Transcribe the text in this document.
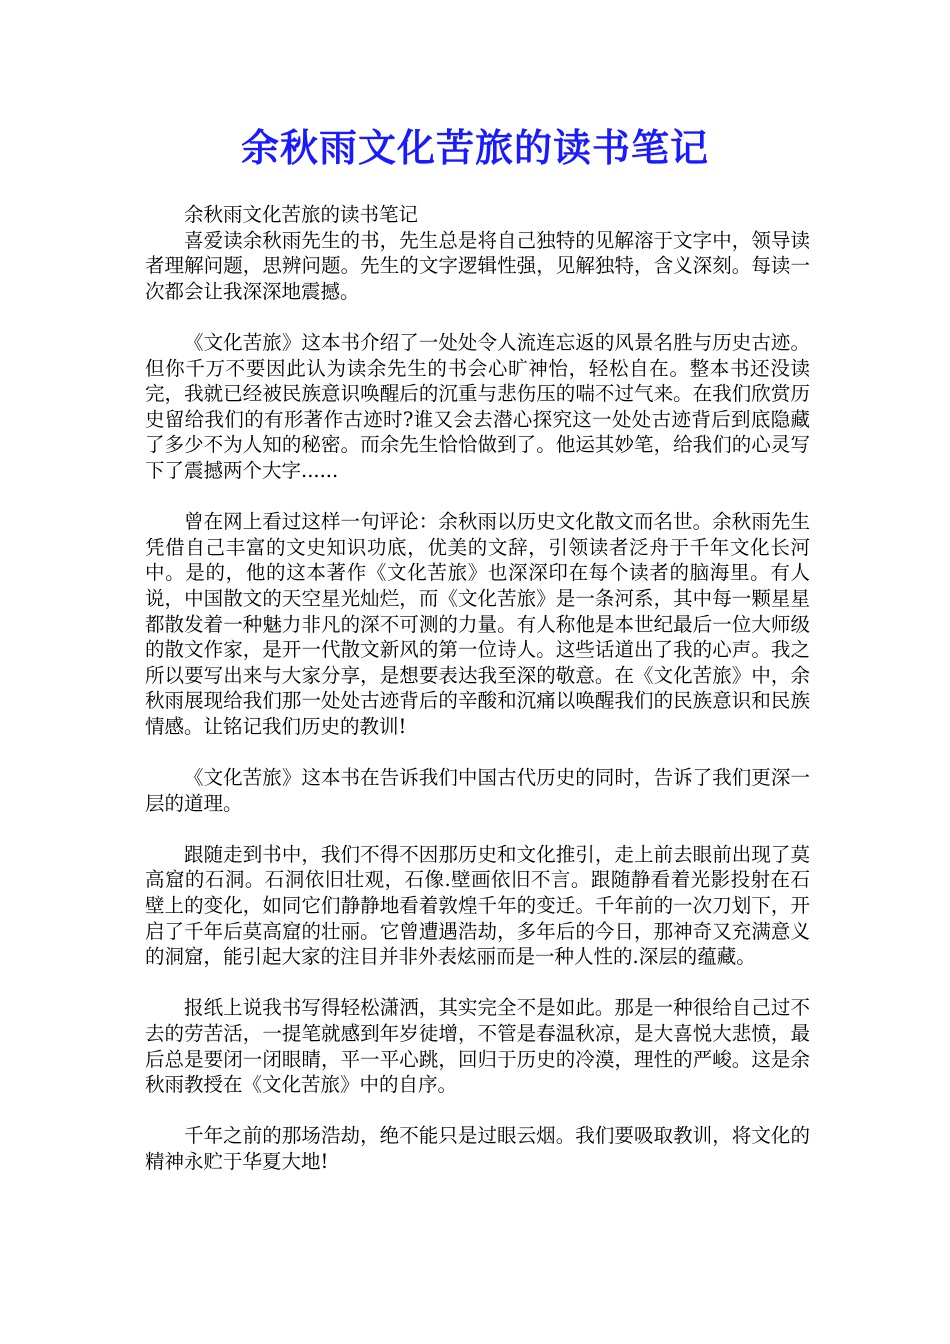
余秋雨文化苦旅的读书笔记

余秋雨文化苦旅的读书笔记

喜爱读余秋雨先生的书，先生总是将自己独特的见解溶于文字中，领导读者理解问题，思辨问题。先生的文字逻辑性强，见解独特，含义深刻。每读一次都会让我深深地震撼。

《文化苦旅》这本书介绍了一处处令人流连忘返的风景名胜与历史古迹。但你千万不要因此认为读余先生的书会心旷神怡，轻松自在。整本书还没读完，我就已经被民族意识唤醒后的沉重与悲伤压的喘不过气来。在我们欣赏历史留给我们的有形著作古迹时?谁又会去潜心探究这一处处古迹背后到底隐藏了多少不为人知的秘密。而余先生恰恰做到了。他运其妙笔，给我们的心灵写下了震撼两个大字......

曾在网上看过这样一句评论：余秋雨以历史文化散文而名世。余秋雨先生凭借自己丰富的文史知识功底，优美的文辞，引领读者泛舟于千年文化长河中。是的，他的这本著作《文化苦旅》也深深印在每个读者的脑海里。有人说，中国散文的天空星光灿烂，而《文化苦旅》是一条河系，其中每一颗星星都散发着一种魅力非凡的深不可测的力量。有人称他是本世纪最后一位大师级的散文作家，是开一代散文新风的第一位诗人。这些话道出了我的心声。我之所以要写出来与大家分享，是想要表达我至深的敬意。在《文化苦旅》中，余秋雨展现给我们那一处处古迹背后的辛酸和沉痛以唤醒我们的民族意识和民族情感。让铭记我们历史的教训!

《文化苦旅》这本书在告诉我们中国古代历史的同时，告诉了我们更深一层的道理。

跟随走到书中，我们不得不因那历史和文化推引，走上前去眼前出现了莫高窟的石洞。石洞依旧壮观，石像.壁画依旧不言。跟随静看着光影投射在石壁上的变化，如同它们静静地看着敦煌千年的变迁。千年前的一次刀划下，开启了千年后莫高窟的壮丽。它曾遭遇浩劫，多年后的今日，那神奇又充满意义的洞窟，能引起大家的注目并非外表炫丽而是一种人性的.深层的蕴藏。

报纸上说我书写得轻松潇洒，其实完全不是如此。那是一种很给自己过不去的劳苦活，一提笔就感到年岁徒增，不管是春温秋凉，是大喜悦大悲愤，最后总是要闭一闭眼睛，平一平心跳，回归于历史的冷漠，理性的严峻。这是余秋雨教授在《文化苦旅》中的自序。

千年之前的那场浩劫，绝不能只是过眼云烟。我们要吸取教训，将文化的精神永贮于华夏大地!
